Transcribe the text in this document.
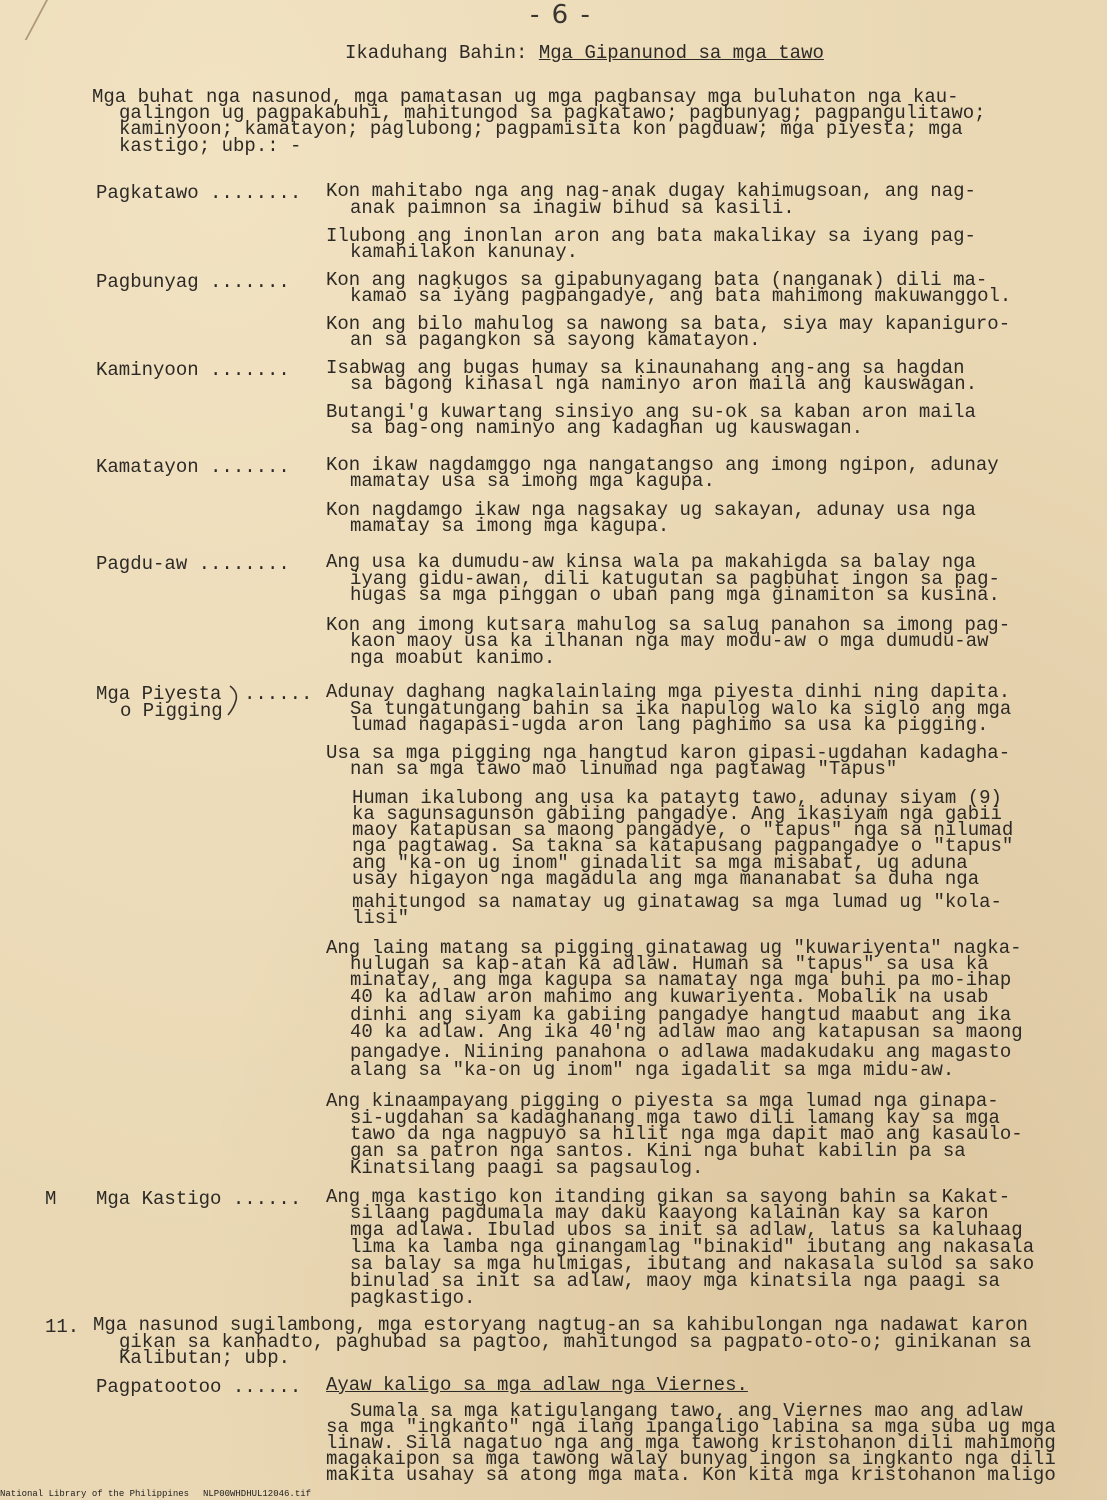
- 6 -
Ikaduhang Bahin: Mga Gipanunod sa mga tawo
Mga buhat nga nasunod, mga pamatasan ug mga pagbansay mga buluhaton nga kau-
galingon ug pagpakabuhi, mahitungod sa pagkatawo; pagbunyag; pagpangulitawo;
kaminyoon; kamatayon; paglubong; pagpamisita kon pagduaw; mga piyesta; mga
kastigo; ubp.: -
Pagkatawo ........ Kon mahitabo nga ang nag-anak dugay kahimugsoan, ang nag-
anak paimnon sa inagiw bihud sa kasili.
Ilubong ang inonlan aron ang bata makalikay sa iyang pag-
kamahilakon kanunay.
Pagbunyag ....... Kon ang nagkugos sa gipabunyagang bata (nanganak) dili ma-
kamao sa iyang pagpangadye, ang bata mahimong makuwanggol.
Kon ang bilo mahulog sa nawong sa bata, siya may kapaniguro-
an sa pagangkon sa sayong kamatayon.
Kaminyoon ....... Isabwag ang bugas humay sa kinaunahang ang-ang sa hagdan
sa bagong kinasal nga naminyo aron maila ang kauswagan.
Butangi'g kuwartang sinsiyo ang su-ok sa kaban aron maila
sa bag-ong naminyo ang kadaghan ug kauswagan.
Kamatayon ....... Kon ikaw nagdamggo nga nangatangso ang imong ngipon, adunay
mamatay usa sa imong mga kagupa.
Kon nagdamgo ikaw nga nagsakay ug sakayan, adunay usa nga
mamatay sa imong mga kagupa.
Pagdu-aw ........ Ang usa ka dumudu-aw kinsa wala pa makahigda sa balay nga
iyang gidu-awan, dili katugutan sa pagbuhat ingon sa pag-
hugas sa mga pinggan o uban pang mga ginamiton sa kusina.
Kon ang imong kutsara mahulog sa salug panahon sa imong pag-
kaon maoy usa ka ilhanan nga may modu-aw o mga dumudu-aw
nga moabut kanimo.
Mga Piyesta
o Pigging
...... Adunay daghang nagkalainlaing mga piyesta dinhi ning dapita.
Sa tungatungang bahin sa ika napulog walo ka siglo ang mga
lumad nagapasi-ugda aron lang paghimo sa usa ka pigging.
Usa sa mga pigging nga hangtud karon gipasi-ugdahan kadagha-
nan sa mga tawo mao linumad nga pagtawag "Tapus"
Human ikalubong ang usa ka pataytg tawo, adunay siyam (9)
ka sagunsagunson gabiing pangadye. Ang ikasiyam nga gabii
maoy katapusan sa maong pangadye, o "tapus" nga sa nilumad
nga pagtawag. Sa takna sa katapusang pagpangadye o "tapus"
ang "ka-on ug inom" ginadalit sa mga misabat, ug aduna
usay higayon nga magadula ang mga mananabat sa duha nga
mahitungod sa namatay ug ginatawag sa mga lumad ug "kola-
lisi"
Ang laing matang sa pigging ginatawag ug "kuwariyenta" nagka-
hulugan sa kap-atan ka adlaw. Human sa "tapus" sa usa ka
minatay, ang mga kagupa sa namatay nga mga buhi pa mo-ihap
40 ka adlaw aron mahimo ang kuwariyenta. Mobalik na usab
dinhi ang siyam ka gabiing pangadye hangtud maabut ang ika
40 ka adlaw. Ang ika 40'ng adlaw mao ang katapusan sa maong
pangadye. Niining panahona o adlawa madakudaku ang magasto
alang sa "ka-on ug inom" nga igadalit sa mga midu-aw.
Ang kinaampayang pigging o piyesta sa mga lumad nga ginapa-
si-ugdahan sa kadaghanang mga tawo dili lamang kay sa mga
tawo da nga nagpuyo sa hilit nga mga dapit mao ang kasaulo-
gan sa patron nga santos. Kini nga buhat kabilin pa sa
Kinatsilang paagi sa pagsaulog.
M Mga Kastigo ...... Ang mga kastigo kon itanding gikan sa sayong bahin sa Kakat-
silaang pagdumala may daku kaayong kalainan kay sa karon
mga adlawa. Ibulad ubos sa init sa adlaw, latus sa kaluhaag
lima ka lamba nga ginangamlag "binakid" ibutang ang nakasala
sa balay sa mga hulmigas, ibutang and nakasala sulod sa sako
binulad sa init sa adlaw, maoy mga kinatsila nga paagi sa
pagkastigo.
11. Mga nasunod sugilambong, mga estoryang nagtug-an sa kahibulongan nga nadawat karon
gikan sa kanhadto, paghubad sa pagtoo, mahitungod sa pagpato-oto-o; ginikanan sa
Kalibutan; ubp.
Pagpatootoo ...... Ayaw kaligo sa mga adlaw nga Viernes.
Sumala sa mga katigulangang tawo, ang Viernes mao ang adlaw
sa mga "ingkanto" nga ilang ipangaligo labina sa mga suba ug mga
linaw. Sila nagatuo nga ang mga tawong kristohanon dili mahimong
magakaipon sa mga tawong walay bunyag ingon sa ingkanto nga dili
makita usahay sa atong mga mata. Kon kita mga kristohanon maligo
National Library of the Philippines NLP00WHDHUL12046.tif
